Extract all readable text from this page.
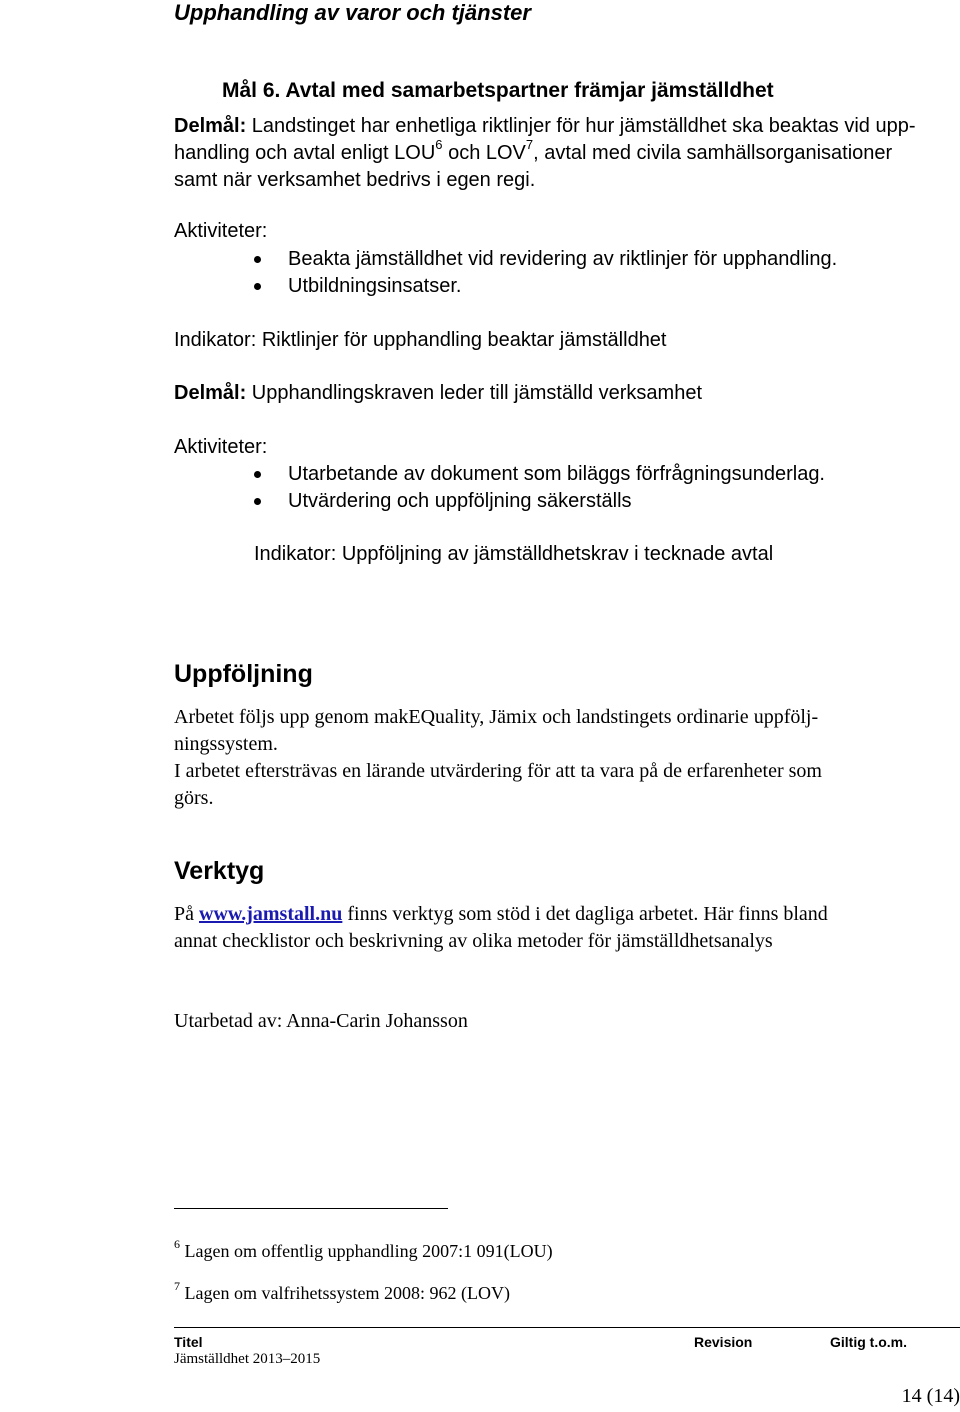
Upphandling av varor och tjänster
Mål 6. Avtal med samarbetspartner främjar jämställdhet
Delmål: Landstinget har enhetliga riktlinjer för hur jämställdhet ska beaktas vid upp-
handling och avtal enligt LOU$^6$ och LOV$^7$, avtal med civila samhällsorganisationer
samt när verksamhet bedrivs i egen regi.
Aktiviteter:
Beakta jämställdhet vid revidering av riktlinjer för upphandling.
Utbildningsinsatser.
Indikator: Riktlinjer för upphandling beaktar jämställdhet
Delmål: Upphandlingskraven leder till jämställd verksamhet
Aktiviteter:
Utarbetande av dokument som biläggs förfrågningsunderlag.
Utvärdering och uppföljning säkerställs
Indikator: Uppföljning av jämställdhetskrav i tecknade avtal
Uppföljning
Arbetet följs upp genom makEQuality, Jämix och landstingets ordinarie uppfölj-
ningssystem.
I arbetet eftersträvas en lärande utvärdering för att ta vara på de erfarenheter som
görs.
Verktyg
På www.jamstall.nu finns verktyg som stöd i det dagliga arbetet. Här finns bland
annat checklistor och beskrivning av olika metoder för jämställdhetsanalys
Utarbetad av: Anna-Carin Johansson
$^6$ Lagen om offentlig upphandling 2007:1 091(LOU)
$^7$ Lagen om valfrihetssystem 2008: 962 (LOV)
Titel
Jämställdhet 2013–2015
Revision	Giltig t.o.m.
14 (14)
